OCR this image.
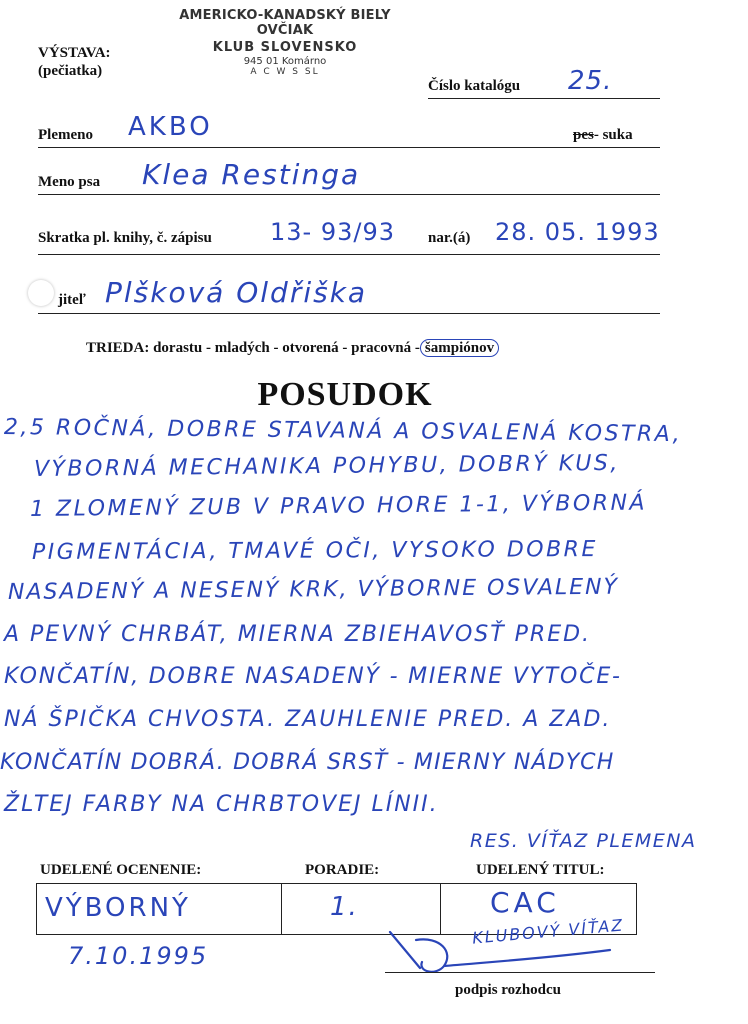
VÝSTAVA:
(pečiatka)
AMERICKO-KANADSKÝ BIELY OVČIAK
KLUB SLOVENSKO
945 01 Komárno
A C W S SL
Číslo katalógu 25.
Plemeno AKBO	pes- suka
Meno psa Klea Restinga
Skratka pl. knihy, č. zápisu 13- 93/93 nar.(á) 28. 05. 1993
jiteľ Plšková Oldřiška
TRIEDA: dorastu - mladých - otvorená - pracovná - šampiónov
POSUDOK
2,5 ROČNÁ, DOBRE STAVANÁ A OSVALENÁ KOSTRA,
VÝBORNÁ MECHANIKA POHYBU, DOBRÝ KUS,
1 ZLOMENÝ ZUB V PRAVO HORE 1-1, VÝBORNÁ
PIGMENTÁCIA, TMAVÉ OČI, VYSOKO DOBRE
NASADENÝ A NESENÝ KRK, VÝBORNE OSVALENÝ
A PEVNÝ CHRBÁT, MIERNA ZBIEHAVOSŤ PRED.
KONČATÍN, DOBRE NASADENÝ - MIERNE VYTOČE-
NÁ ŠPIČKA CHVOSTA. ZAUHLENIE PRED. A ZAD.
KONČATÍN DOBRÁ. DOBRÁ SRSŤ - MIERNY NÁDYCH
ŽLTEJ FARBY NA CHRBTOVEJ LÍNII.
RES. VÍŤAZ PLEMENA
UDELENÉ OCENENIE:	PORADIE:	UDELENÝ TITUL:
VÝBORNÝ	1.	CAC
KLUBOVÝ VÍŤAZ
7.10.1995
podpis rozhodcu
